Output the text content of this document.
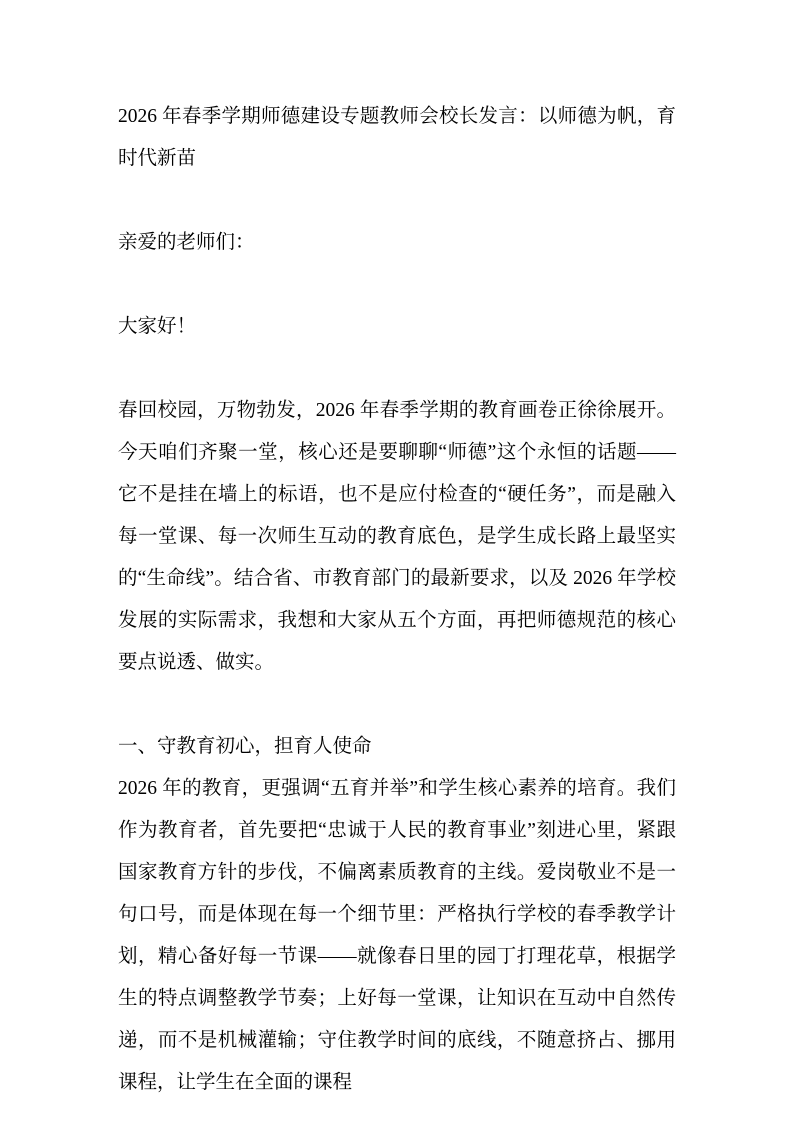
2026 年春季学期师德建设专题教师会校长发言：以师德为帆，育时代新苗
亲爱的老师们：
大家好！
春回校园，万物勃发，2026 年春季学期的教育画卷正徐徐展开。今天咱们齐聚一堂，核心还是要聊聊“师德”这个永恒的话题——它不是挂在墙上的标语，也不是应付检查的“硬任务”，而是融入每一堂课、每一次师生互动的教育底色，是学生成长路上最坚实的“生命线”。结合省、市教育部门的最新要求，以及 2026 年学校发展的实际需求，我想和大家从五个方面，再把师德规范的核心要点说透、做实。
一、守教育初心，担育人使命
2026 年的教育，更强调“五育并举”和学生核心素养的培育。我们作为教育者，首先要把“忠诚于人民的教育事业”刻进心里，紧跟国家教育方针的步伐，不偏离素质教育的主线。爱岗敬业不是一句口号，而是体现在每一个细节里：严格执行学校的春季教学计划，精心备好每一节课——就像春日里的园丁打理花草，根据学生的特点调整教学节奏；上好每一堂课，让知识在互动中自然传递，而不是机械灌输；守住教学时间的底线，不随意挤占、挪用课程，让学生在全面的课程
